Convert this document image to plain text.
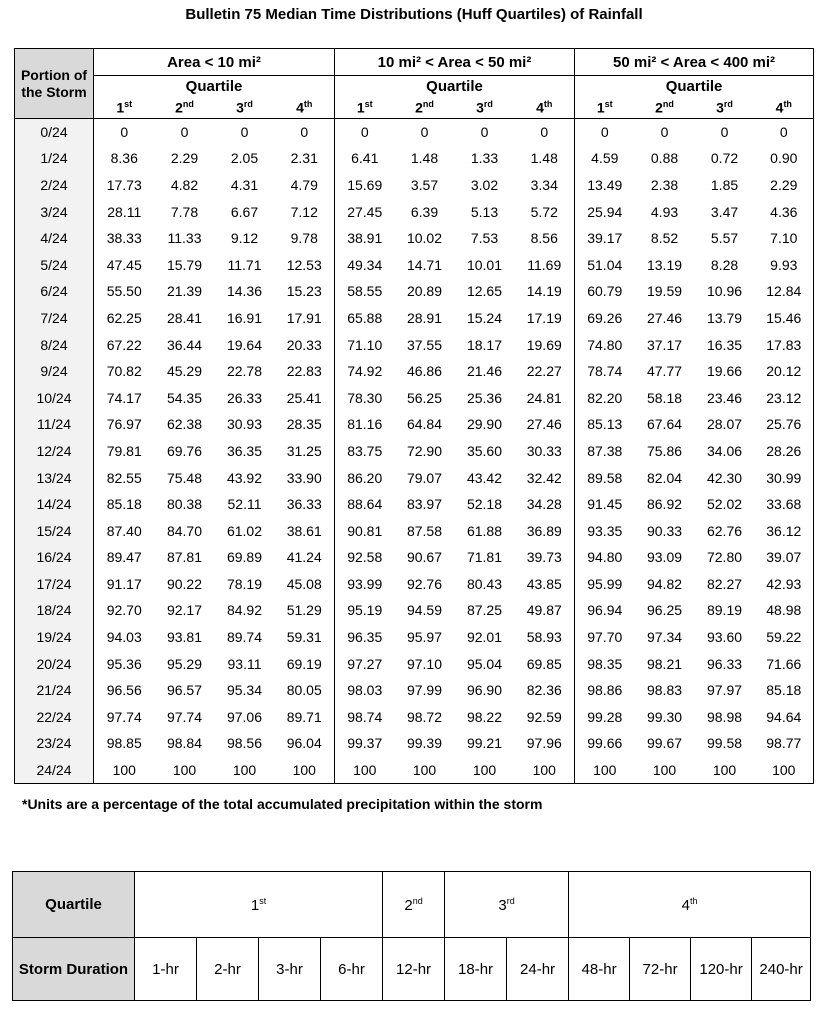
Bulletin 75 Median Time Distributions (Huff Quartiles) of Rainfall
Portion of the Storm	Area < 10 mi²				10 mi² < Area < 50 mi²				50 mi² < Area < 400 mi²			
	Quartile				Quartile				Quartile			
	1st	2nd	3rd	4th	1st	2nd	3rd	4th	1st	2nd	3rd	4th
0/24	0	0	0	0	0	0	0	0	0	0	0	0
1/24	8.36	2.29	2.05	2.31	6.41	1.48	1.33	1.48	4.59	0.88	0.72	0.90
2/24	17.73	4.82	4.31	4.79	15.69	3.57	3.02	3.34	13.49	2.38	1.85	2.29
3/24	28.11	7.78	6.67	7.12	27.45	6.39	5.13	5.72	25.94	4.93	3.47	4.36
4/24	38.33	11.33	9.12	9.78	38.91	10.02	7.53	8.56	39.17	8.52	5.57	7.10
5/24	47.45	15.79	11.71	12.53	49.34	14.71	10.01	11.69	51.04	13.19	8.28	9.93
6/24	55.50	21.39	14.36	15.23	58.55	20.89	12.65	14.19	60.79	19.59	10.96	12.84
7/24	62.25	28.41	16.91	17.91	65.88	28.91	15.24	17.19	69.26	27.46	13.79	15.46
8/24	67.22	36.44	19.64	20.33	71.10	37.55	18.17	19.69	74.80	37.17	16.35	17.83
9/24	70.82	45.29	22.78	22.83	74.92	46.86	21.46	22.27	78.74	47.77	19.66	20.12
10/24	74.17	54.35	26.33	25.41	78.30	56.25	25.36	24.81	82.20	58.18	23.46	23.12
11/24	76.97	62.38	30.93	28.35	81.16	64.84	29.90	27.46	85.13	67.64	28.07	25.76
12/24	79.81	69.76	36.35	31.25	83.75	72.90	35.60	30.33	87.38	75.86	34.06	28.26
13/24	82.55	75.48	43.92	33.90	86.20	79.07	43.42	32.42	89.58	82.04	42.30	30.99
14/24	85.18	80.38	52.11	36.33	88.64	83.97	52.18	34.28	91.45	86.92	52.02	33.68
15/24	87.40	84.70	61.02	38.61	90.81	87.58	61.88	36.89	93.35	90.33	62.76	36.12
16/24	89.47	87.81	69.89	41.24	92.58	90.67	71.81	39.73	94.80	93.09	72.80	39.07
17/24	91.17	90.22	78.19	45.08	93.99	92.76	80.43	43.85	95.99	94.82	82.27	42.93
18/24	92.70	92.17	84.92	51.29	95.19	94.59	87.25	49.87	96.94	96.25	89.19	48.98
19/24	94.03	93.81	89.74	59.31	96.35	95.97	92.01	58.93	97.70	97.34	93.60	59.22
20/24	95.36	95.29	93.11	69.19	97.27	97.10	95.04	69.85	98.35	98.21	96.33	71.66
21/24	96.56	96.57	95.34	80.05	98.03	97.99	96.90	82.36	98.86	98.83	97.97	85.18
22/24	97.74	97.74	97.06	89.71	98.74	98.72	98.22	92.59	99.28	99.30	98.98	94.64
23/24	98.85	98.84	98.56	96.04	99.37	99.39	99.21	97.96	99.66	99.67	99.58	98.77
24/24	100	100	100	100	100	100	100	100	100	100	100	100
*Units are a percentage of the total accumulated precipitation within the storm
Quartile	1st				2nd	3rd		4th
Storm Duration	1-hr	2-hr	3-hr	6-hr	12-hr	18-hr	24-hr	48-hr	72-hr	120-hr	240-hr
